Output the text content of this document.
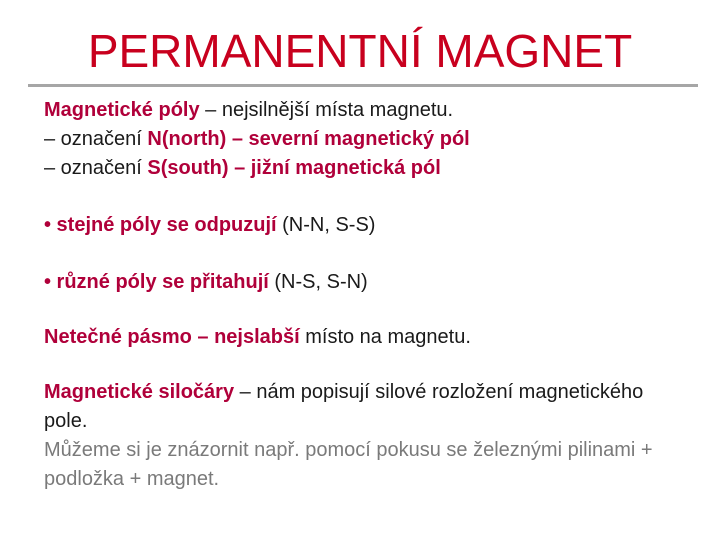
PERMANENTNÍ MAGNET

Magnetické póly – nejsilnější místa magnetu.

– označení N(north) – severní magnetický pól

– označení S(south) – jižní magnetická pól

• stejné póly se odpuzují (N-N, S-S)

• různé póly se přitahují (N-S, S-N)

Netečné pásmo – nejslabší místo na magnetu.

Magnetické siločáry – nám popisují silové rozložení magnetického pole.

Můžeme si je znázornit např. pomocí pokusu se železnými pilinami + podložka + magnet.
